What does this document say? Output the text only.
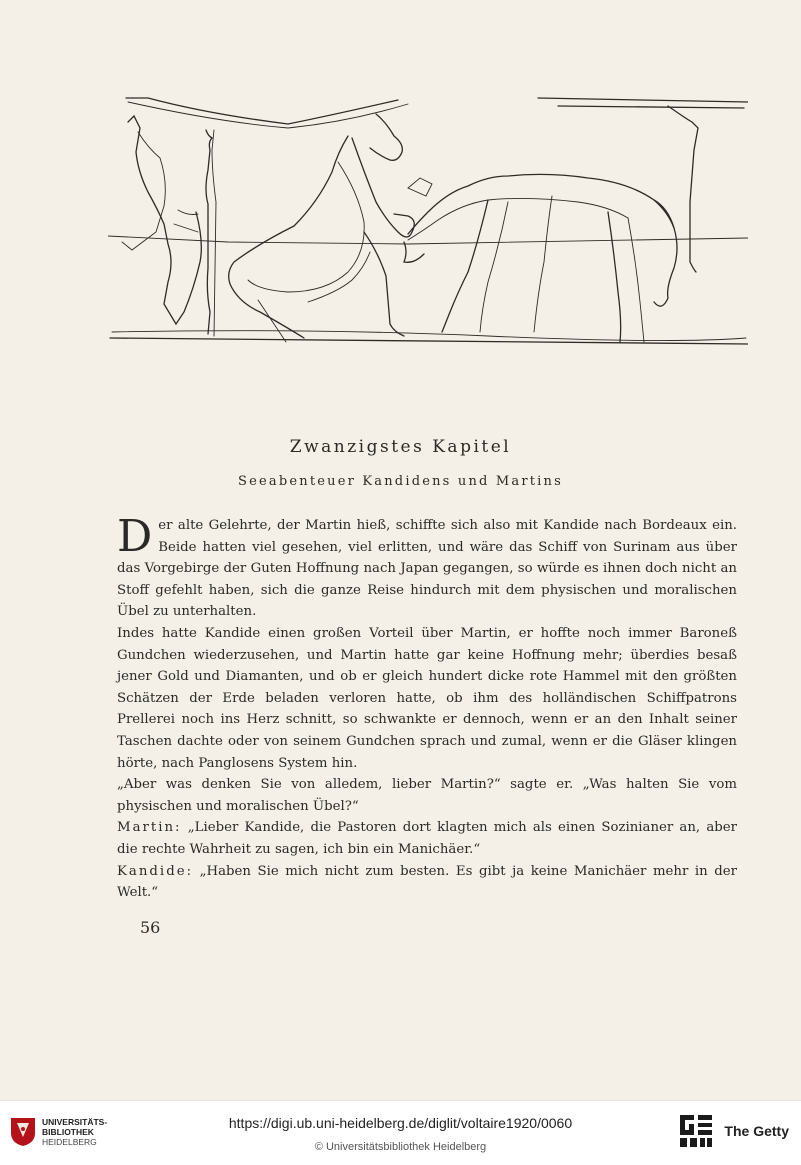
Zwanzigstes Kapitel
Seeabenteuer Kandidens und Martins

Der alte Gelehrte, der Martin hieß, schiffte sich also mit Kandide nach Bordeaux ein. Beide hatten viel gesehen, viel erlitten, und wäre das Schiff von Surinam aus über das Vorgebirge der Guten Hoffnung nach Japan gegangen, so würde es ihnen doch nicht an Stoff gefehlt haben, sich die ganze Reise hindurch mit dem physischen und moralischen Übel zu unterhalten.

Indes hatte Kandide einen großen Vorteil über Martin, er hoffte noch immer Baroneß Gundchen wiederzusehen, und Martin hatte gar keine Hoffnung mehr; überdies besaß jener Gold und Diamanten, und ob er gleich hundert dicke rote Hammel mit den größten Schätzen der Erde beladen verloren hatte, ob ihm des holländischen Schiffpatrons Prellerei noch ins Herz schnitt, so schwankte er dennoch, wenn er an den Inhalt seiner Taschen dachte oder von seinem Gundchen sprach und zumal, wenn er die Gläser klingen hörte, nach Panglosens System hin.

„Aber was denken Sie von alledem, lieber Martin?“ sagte er. „Was halten Sie vom physischen und moralischen Übel?“

Martin: „Lieber Kandide, die Pastoren dort klagten mich als einen Sozinianer an, aber die rechte Wahrheit zu sagen, ich bin ein Manichäer.“

Kandide: „Haben Sie mich nicht zum besten. Es gibt ja keine Manichäer mehr in der Welt.“

56
UNIVERSITÄTS-
BIBLIOTHEK
HEIDELBERG
https://digi.ub.uni-heidelberg.de/diglit/voltaire1920/0060
© Universitätsbibliothek Heidelberg
The Getty
